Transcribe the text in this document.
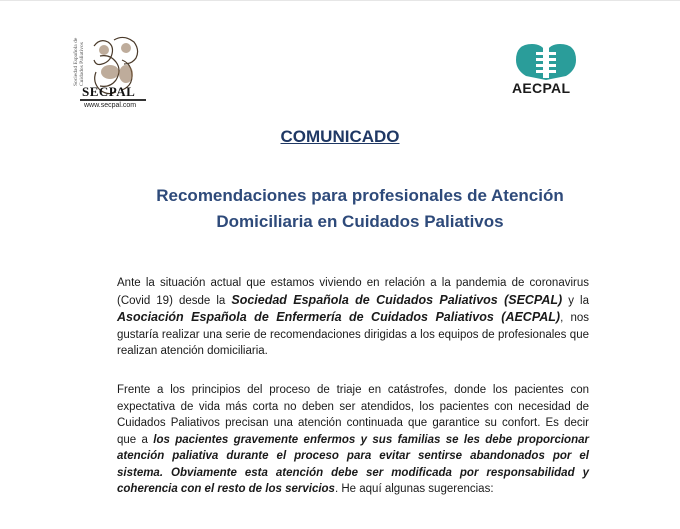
Sociedad Española de Cuidados Paliativos
SECPAL
www.secpal.com
AECPAL
COMUNICADO
Recomendaciones para profesionales de Atención
Domiciliaria en Cuidados Paliativos
Ante la situación actual que estamos viviendo en relación a la pandemia de coronavirus (Covid 19) desde la Sociedad Española de Cuidados Paliativos (SECPAL) y la Asociación Española de Enfermería de Cuidados Paliativos (AECPAL), nos gustaría realizar una serie de recomendaciones dirigidas a los equipos de profesionales que realizan atención domiciliaria.
Frente a los principios del proceso de triaje en catástrofes, donde los pacientes con expectativa de vida más corta no deben ser atendidos, los pacientes con necesidad de Cuidados Paliativos precisan una atención continuada que garantice su confort. Es decir que a los pacientes gravemente enfermos y sus familias se les debe proporcionar atención paliativa durante el proceso para evitar sentirse abandonados por el sistema. Obviamente esta atención debe ser modificada por responsabilidad y coherencia con el resto de los servicios. He aquí algunas sugerencias:
